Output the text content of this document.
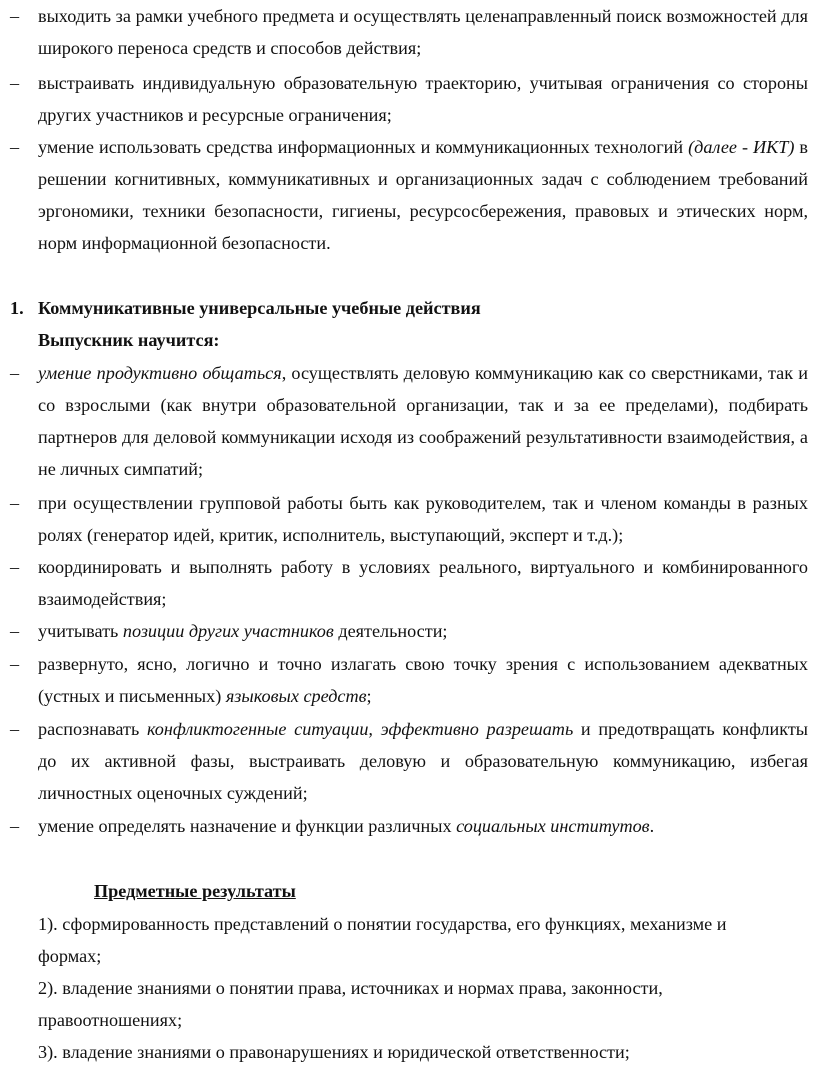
– выходить за рамки учебного предмета и осуществлять целенаправленный поиск возможностей для широкого переноса средств и способов действия;
– выстраивать индивидуальную образовательную траекторию, учитывая ограничения со стороны других участников и ресурсные ограничения;
– умение использовать средства информационных и коммуникационных технологий (далее - ИКТ) в решении когнитивных, коммуникативных и организационных задач с соблюдением требований эргономики, техники безопасности, гигиены, ресурсосбережения, правовых и этических норм, норм информационной безопасности.
1. Коммуникативные универсальные учебные действия
Выпускник научится:
– умение продуктивно общаться, осуществлять деловую коммуникацию как со сверстниками, так и со взрослыми (как внутри образовательной организации, так и за ее пределами), подбирать партнеров для деловой коммуникации исходя из соображений результативности взаимодействия, а не личных симпатий;
– при осуществлении групповой работы быть как руководителем, так и членом команды в разных ролях (генератор идей, критик, исполнитель, выступающий, эксперт и т.д.);
– координировать и выполнять работу в условиях реального, виртуального и комбинированного взаимодействия;
– учитывать позиции других участников деятельности;
– развернуто, ясно, логично и точно излагать свою точку зрения с использованием адекватных (устных и письменных) языковых средств;
– распознавать конфликтогенные ситуации, эффективно разрешать и предотвращать конфликты до их активной фазы, выстраивать деловую и образовательную коммуникацию, избегая личностных оценочных суждений;
– умение определять назначение и функции различных социальных институтов.
Предметные результаты
1). сформированность представлений о понятии государства, его функциях, механизме и формах;
2). владение знаниями о понятии права, источниках и нормах права, законности, правоотношениях;
3). владение знаниями о правонарушениях и юридической ответственности;
